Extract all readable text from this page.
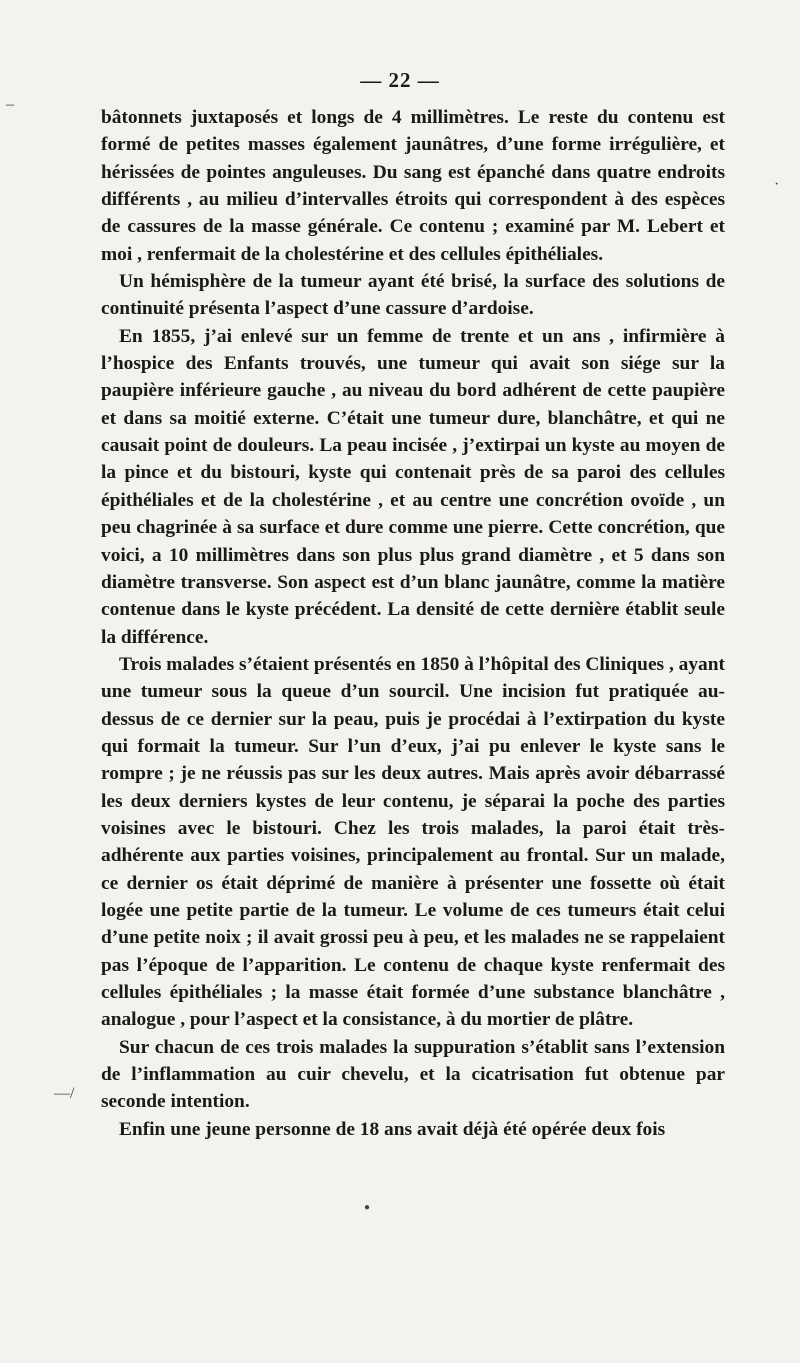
–
·
—/
●
— 22 —

bâtonnets juxtaposés et longs de 4 millimètres. Le reste du contenu est formé de petites masses également jaunâtres, d’une forme irrégulière, et hérissées de pointes anguleuses. Du sang est épanché dans quatre endroits différents , au milieu d’intervalles étroits qui correspondent à des espèces de cassures de la masse générale. Ce contenu ; examiné par M. Lebert et moi , renfermait de la cholestérine et des cellules épithéliales.

Un hémisphère de la tumeur ayant été brisé, la surface des solutions de continuité présenta l’aspect d’une cassure d’ardoise.

En 1855, j’ai enlevé sur un femme de trente et un ans , infirmière à l’hospice des Enfants trouvés, une tumeur qui avait son siége sur la paupière inférieure gauche , au niveau du bord adhérent de cette paupière et dans sa moitié externe. C’était une tumeur dure, blanchâtre, et qui ne causait point de douleurs. La peau incisée , j’extirpai un kyste au moyen de la pince et du bistouri, kyste qui contenait près de sa paroi des cellules épithéliales et de la cholestérine , et au centre une concrétion ovoïde , un peu chagrinée à sa surface et dure comme une pierre. Cette concrétion, que voici, a 10 millimètres dans son plus plus grand diamètre , et 5 dans son diamètre transverse. Son aspect est d’un blanc jaunâtre, comme la matière contenue dans le kyste précédent. La densité de cette dernière établit seule la différence.

Trois malades s’étaient présentés en 1850 à l’hôpital des Cliniques , ayant une tumeur sous la queue d’un sourcil. Une incision fut pratiquée au-dessus de ce dernier sur la peau, puis je procédai à l’extirpation du kyste qui formait la tumeur. Sur l’un d’eux, j’ai pu enlever le kyste sans le rompre ; je ne réussis pas sur les deux autres. Mais après avoir débarrassé les deux derniers kystes de leur contenu, je séparai la poche des parties voisines avec le bistouri. Chez les trois malades, la paroi était très-adhérente aux parties voisines, principalement au frontal. Sur un malade, ce dernier os était déprimé de manière à présenter une fossette où était logée une petite partie de la tumeur. Le volume de ces tumeurs était celui d’une petite noix ; il avait grossi peu à peu, et les malades ne se rappelaient pas l’époque de l’apparition. Le contenu de chaque kyste renfermait des cellules épithéliales ; la masse était formée d’une substance blanchâtre , analogue , pour l’aspect et la consistance, à du mortier de plâtre.

Sur chacun de ces trois malades la suppuration s’établit sans l’extension de l’inflammation au cuir chevelu, et la cicatrisation fut obtenue par seconde intention.

Enfin une jeune personne de 18 ans avait déjà été opérée deux fois
